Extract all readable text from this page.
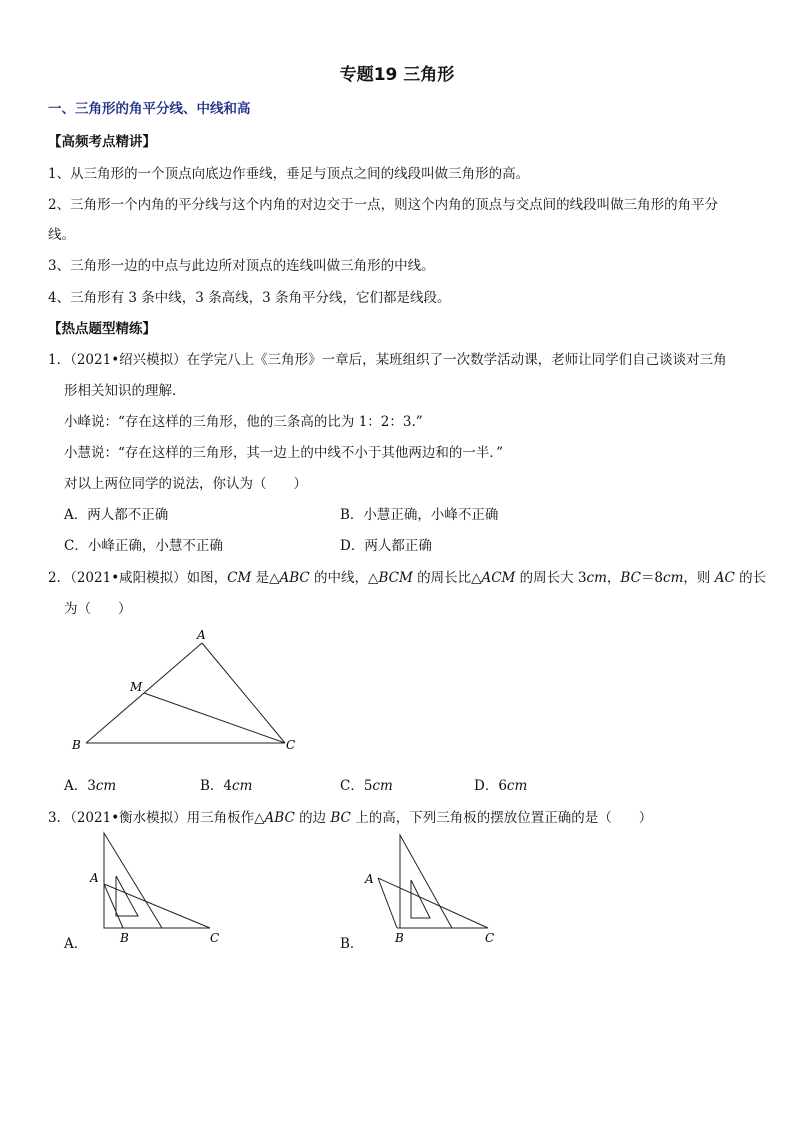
专题19 三角形
一、三角形的角平分线、中线和高
【高频考点精讲】
1、从三角形的一个顶点向底边作垂线，垂足与顶点之间的线段叫做三角形的高。
2、三角形一个内角的平分线与这个内角的对边交于一点，则这个内角的顶点与交点间的线段叫做三角形的角平分
线。
3、三角形一边的中点与此边所对顶点的连线叫做三角形的中线。
4、三角形有 3 条中线，3 条高线，3 条角平分线，它们都是线段。
【热点题型精练】
1．（2021•绍兴模拟）在学完八上《三角形》一章后，某班组织了一次数学活动课，老师让同学们自己谈谈对三角
形相关知识的理解．
小峰说：“存在这样的三角形，他的三条高的比为 1：2：3.”
小慧说：“存在这样的三角形，其一边上的中线不小于其他两边和的一半．”
对以上两位同学的说法，你认为（　　）
A．两人都不正确	B．小慧正确，小峰不正确
C．小峰正确，小慧不正确	D．两人都正确
2．（2021•咸阳模拟）如图，CM 是△ABC 的中线，△BCM 的周长比△ACM 的周长大 3cm，BC＝8cm，则 AC 的长
为（　　）
A
M
B	C
A．3cm	B．4cm	C．5cm	D．6cm
3．（2021•衡水模拟）用三角板作△ABC 的边 BC 上的高，下列三角板的摆放位置正确的是（　　）
A
B	C
A．
A
B	C
B．
